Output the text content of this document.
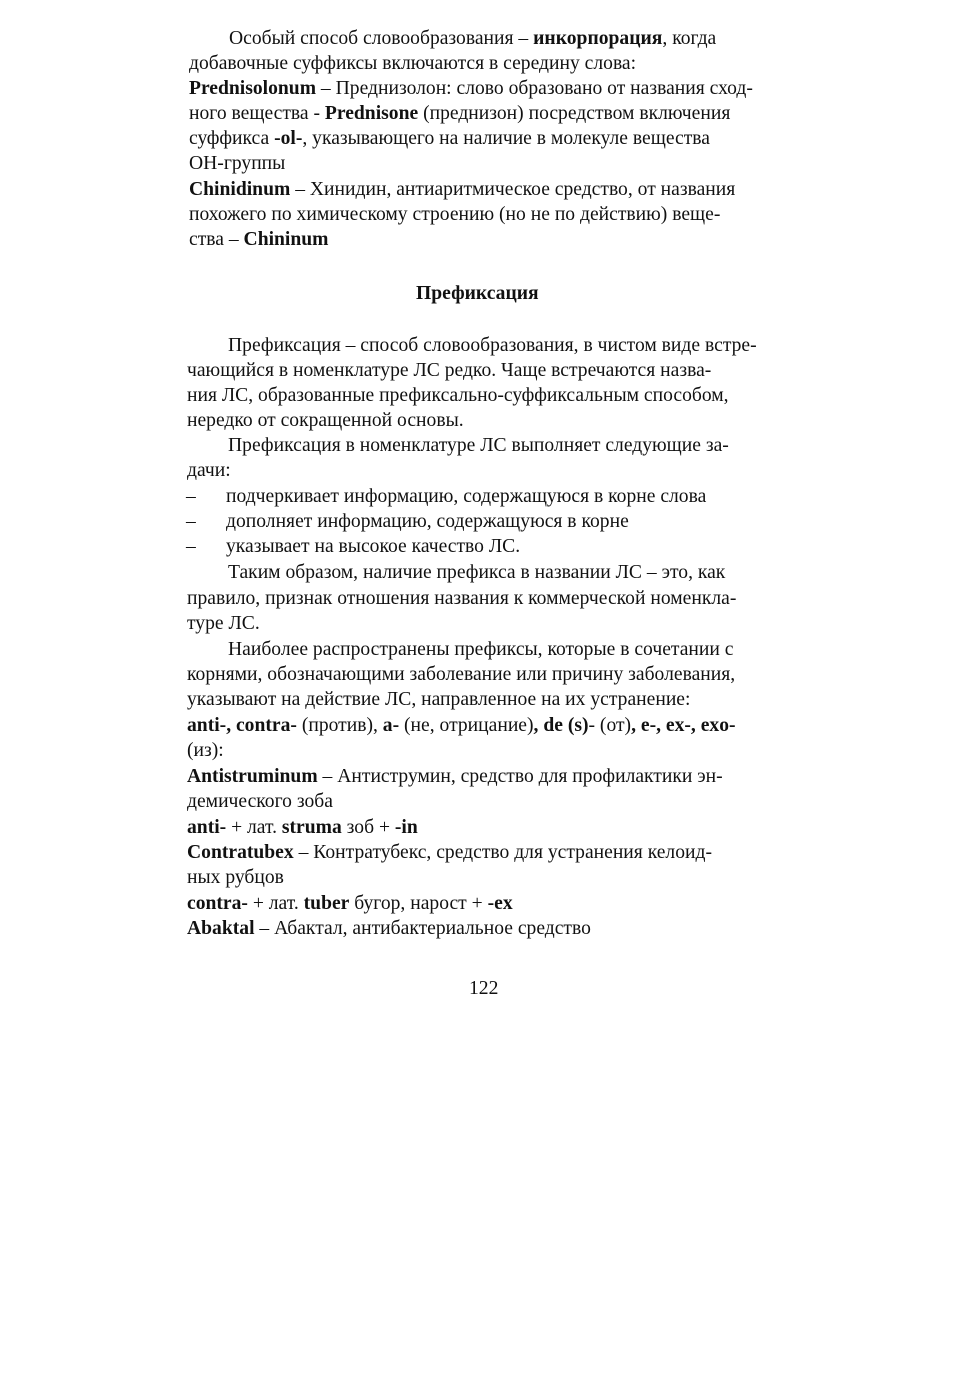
Особый способ словообразования – инкорпорация, когда
добавочные суффиксы включаются в середину слова:
Prednisolonum – Преднизолон: слово образовано от названия сход-
ного вещества - Prednisone (преднизон) посредством включения
суффикса -ol-, указывающего на наличие в молекуле вещества
ОН-группы
Chinidinum – Хинидин, антиаритмическое средство, от названия
похожего по химическому строению (но не по действию) веще-
ства – Chininum
Префиксация
Префиксация – способ словообразования, в чистом виде встре-
чающийся в номенклатуре ЛС редко. Чаще встречаются назва-
ния ЛС, образованные префиксально-суффиксальным способом,
нередко от сокращенной основы.
Префиксация в номенклатуре ЛС выполняет следующие за-
дачи:
– подчеркивает информацию, содержащуюся в корне слова
– дополняет информацию, содержащуюся в корне
– указывает на высокое качество ЛС.
Таким образом, наличие префикса в названии ЛС – это, как
правило, признак отношения названия к коммерческой номенкла-
туре ЛС.
Наиболее распространены префиксы, которые в сочетании с
корнями, обозначающими заболевание или причину заболевания,
указывают на действие ЛС, направленное на их устранение:
anti-, contra- (против), a- (не, отрицание), de (s)- (от), e-, ex-, exo-
(из):
Antistruminum – Антиструмин, средство для профилактики эн-
демического зоба
anti- + лат. struma зоб + -in
Contratubex – Контратубекс, средство для устранения келоид-
ных рубцов
contra- + лат. tuber бугор, нарост + -ex
Abaktal – Абактал, антибактериальное средство
122
